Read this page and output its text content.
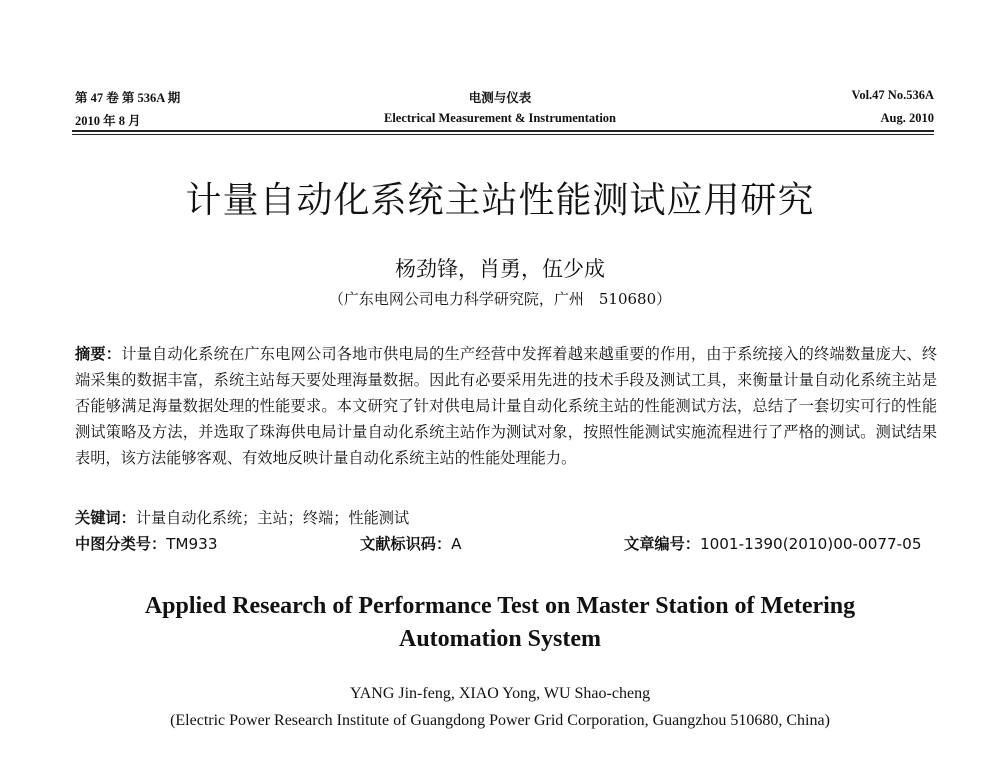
第 47 卷 第 536A 期
2010 年 8 月
电测与仪表
Electrical Measurement & Instrumentation
Vol.47 No.536A
Aug. 2010
计量自动化系统主站性能测试应用研究
杨劲锋，肖勇，伍少成
（广东电网公司电力科学研究院，广州　510680）
摘要：计量自动化系统在广东电网公司各地市供电局的生产经营中发挥着越来越重要的作用，由于系统接入的终端数量庞大、终端采集的数据丰富，系统主站每天要处理海量数据。因此有必要采用先进的技术手段及测试工具，来衡量计量自动化系统主站是否能够满足海量数据处理的性能要求。本文研究了针对供电局计量自动化系统主站的性能测试方法，总结了一套切实可行的性能测试策略及方法，并选取了珠海供电局计量自动化系统主站作为测试对象，按照性能测试实施流程进行了严格的测试。测试结果表明，该方法能够客观、有效地反映计量自动化系统主站的性能处理能力。
关键词：计量自动化系统；主站；终端；性能测试
中图分类号：TM933	文献标识码：A	文章编号：1001-1390(2010)00-0077-05
Applied Research of Performance Test on Master Station of Metering
Automation System
YANG Jin-feng, XIAO Yong, WU Shao-cheng
(Electric Power Research Institute of Guangdong Power Grid Corporation, Guangzhou 510680, China)
